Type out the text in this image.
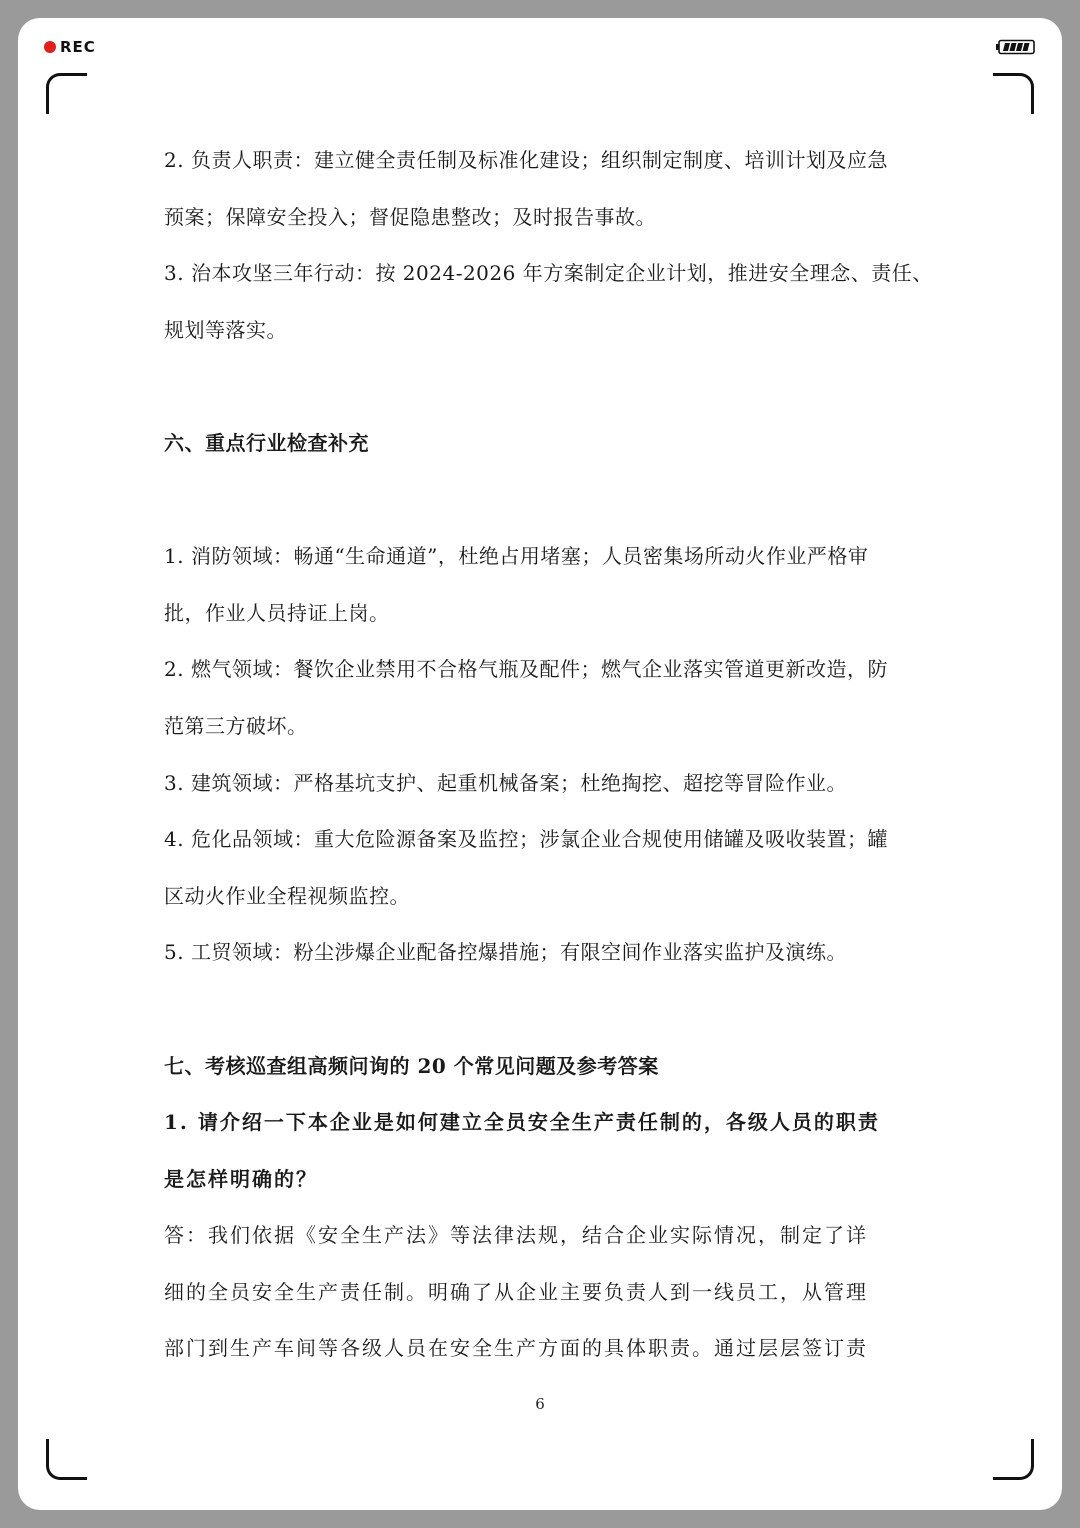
REC
2. 负责人职责：建立健全责任制及标准化建设；组织制定制度、培训计划及应急
预案；保障安全投入；督促隐患整改；及时报告事故。
3. 治本攻坚三年行动：按 2024-2026 年方案制定企业计划，推进安全理念、责任、
规划等落实。
六、重点行业检查补充
1. 消防领域：畅通“生命通道”，杜绝占用堵塞；人员密集场所动火作业严格审
批，作业人员持证上岗。
2. 燃气领域：餐饮企业禁用不合格气瓶及配件；燃气企业落实管道更新改造，防
范第三方破坏。
3. 建筑领域：严格基坑支护、起重机械备案；杜绝掏挖、超挖等冒险作业。
4. 危化品领域：重大危险源备案及监控；涉氯企业合规使用储罐及吸收装置；罐
区动火作业全程视频监控。
5. 工贸领域：粉尘涉爆企业配备控爆措施；有限空间作业落实监护及演练。
七、考核巡查组高频问询的 20 个常见问题及参考答案
1. 请介绍一下本企业是如何建立全员安全生产责任制的，各级人员的职责
是怎样明确的？
答：我们依据《安全生产法》等法律法规，结合企业实际情况，制定了详
细的全员安全生产责任制。明确了从企业主要负责人到一线员工，从管理
部门到生产车间等各级人员在安全生产方面的具体职责。通过层层签订责
6
